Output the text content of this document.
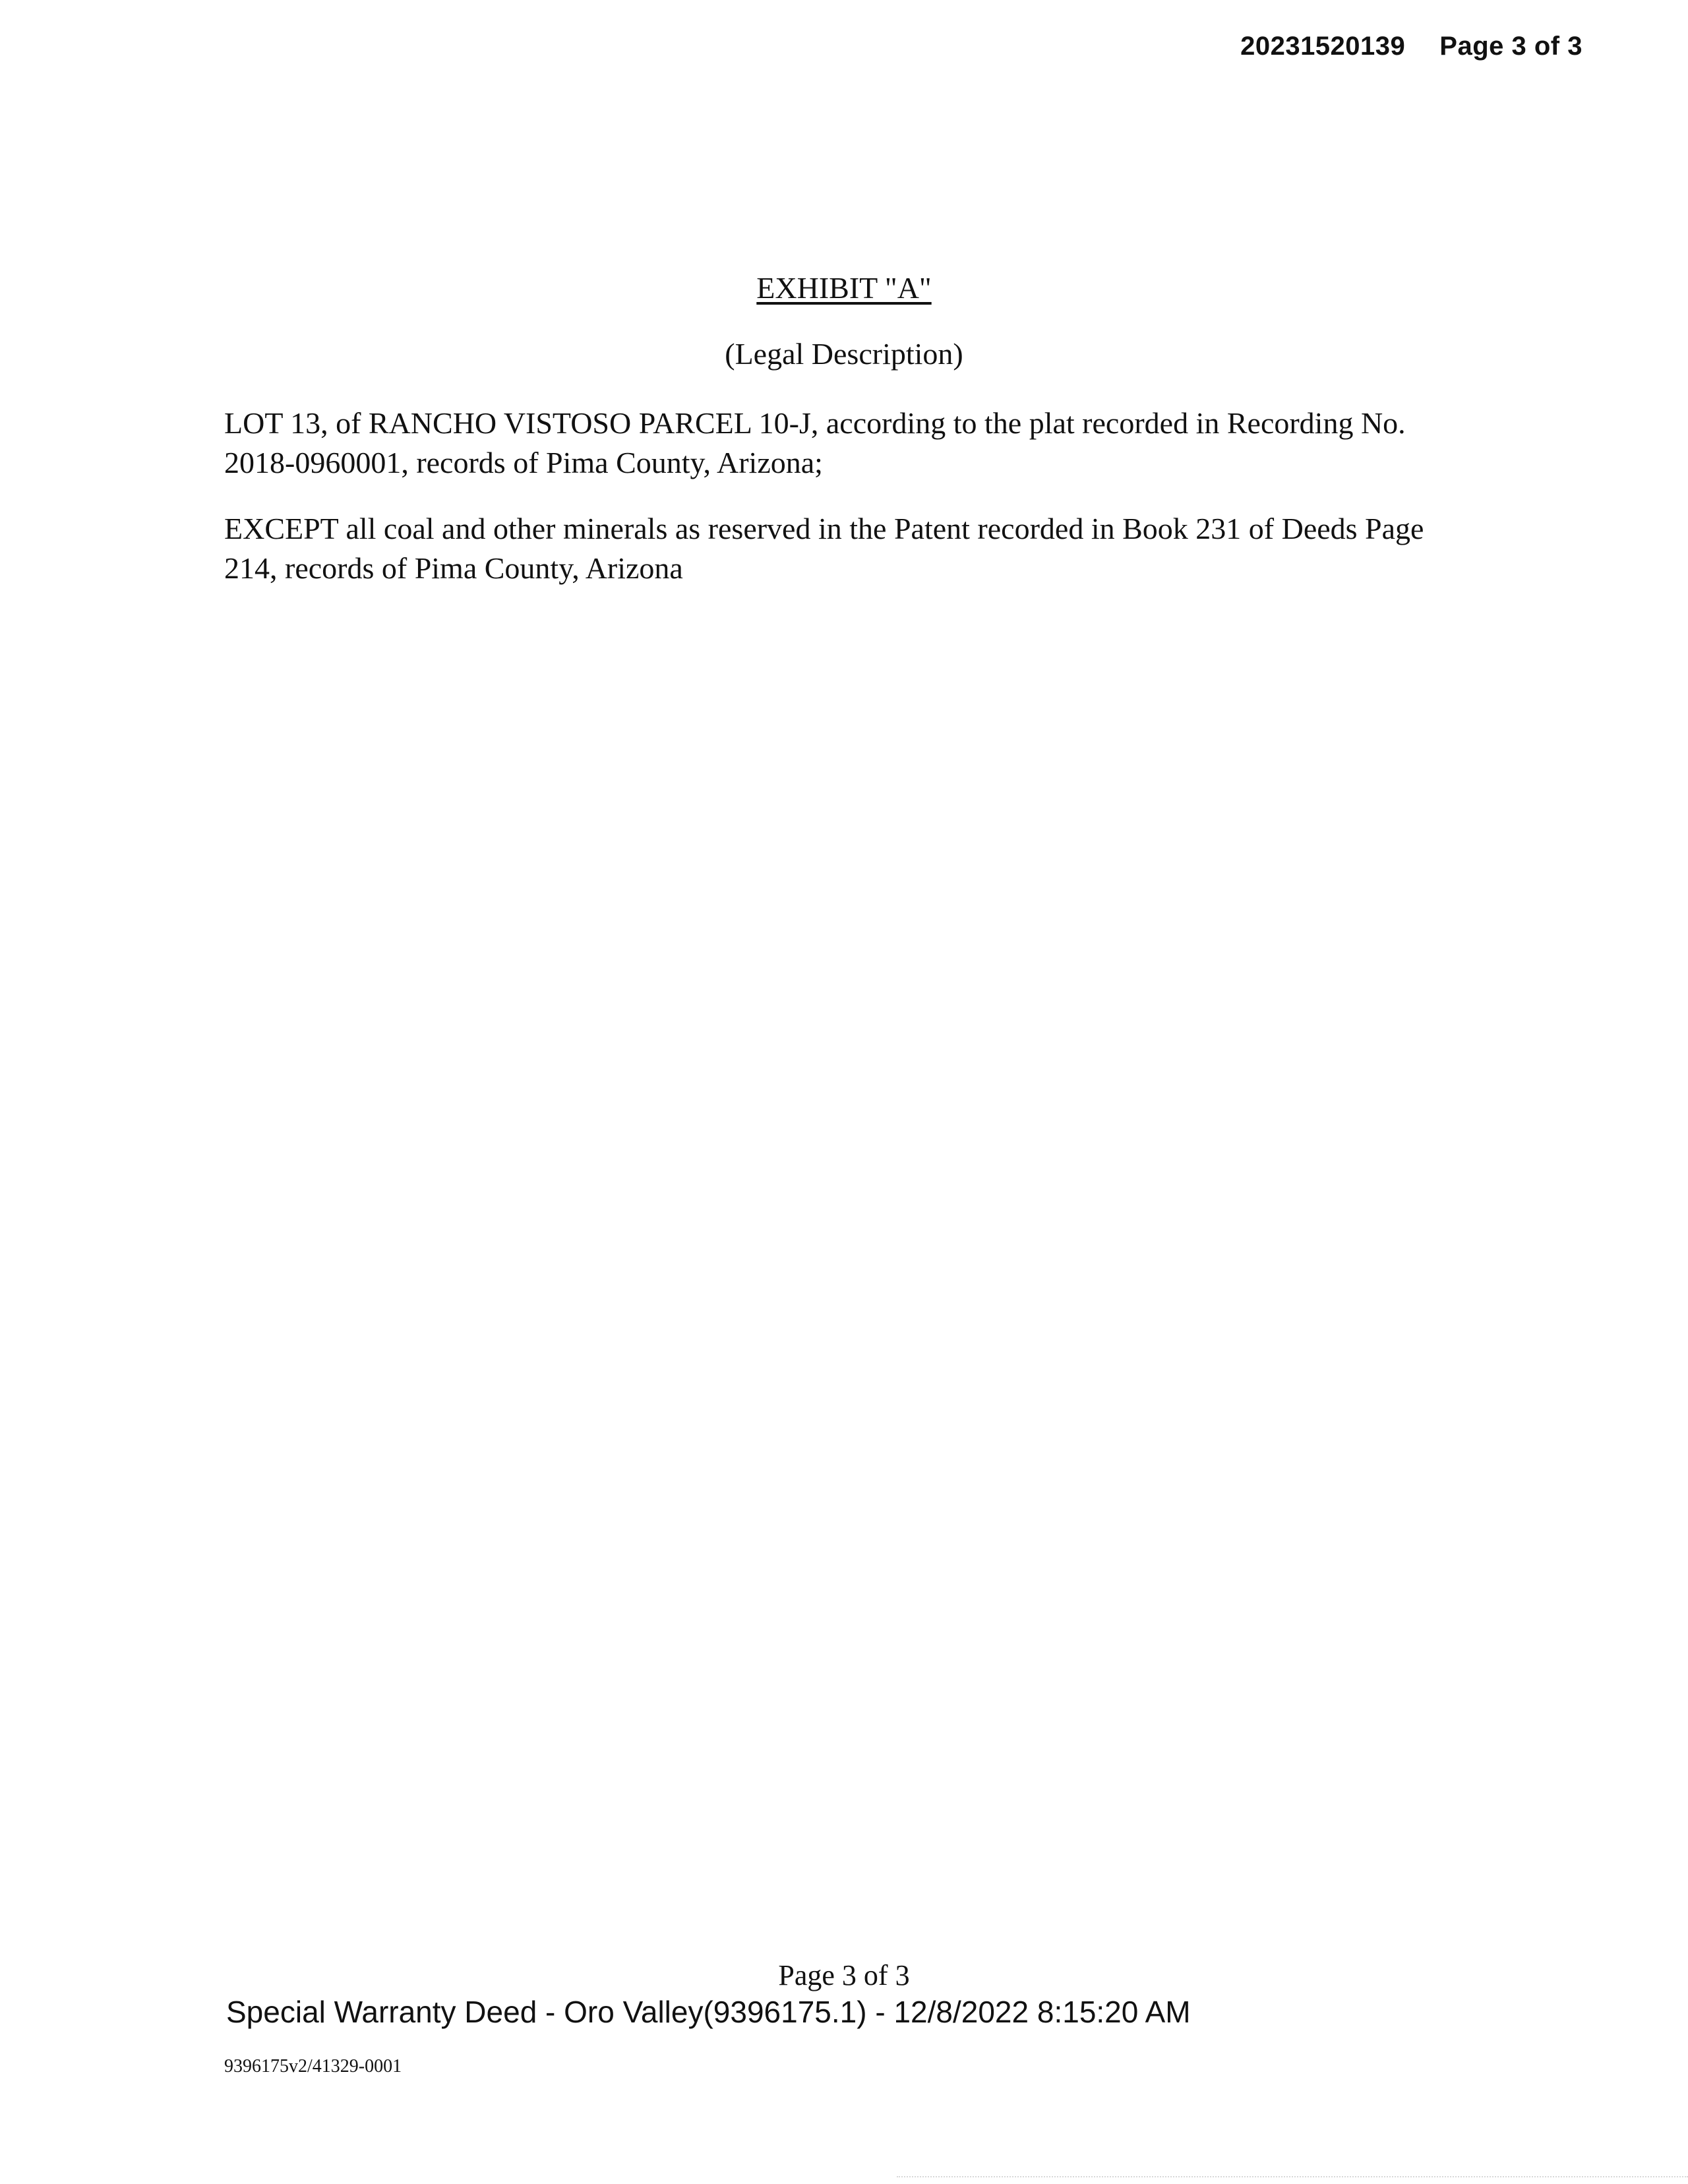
20231520139 Page 3 of 3
EXHIBIT "A"
(Legal Description)
LOT 13, of RANCHO VISTOSO PARCEL 10-J, according to the plat recorded in Recording No. 2018-0960001, records of Pima County, Arizona;
EXCEPT all coal and other minerals as reserved in the Patent recorded in Book 231 of Deeds Page 214, records of Pima County, Arizona
Page 3 of 3
Special Warranty Deed - Oro Valley(9396175.1) - 12/8/2022 8:15:20 AM
9396175v2/41329-0001
